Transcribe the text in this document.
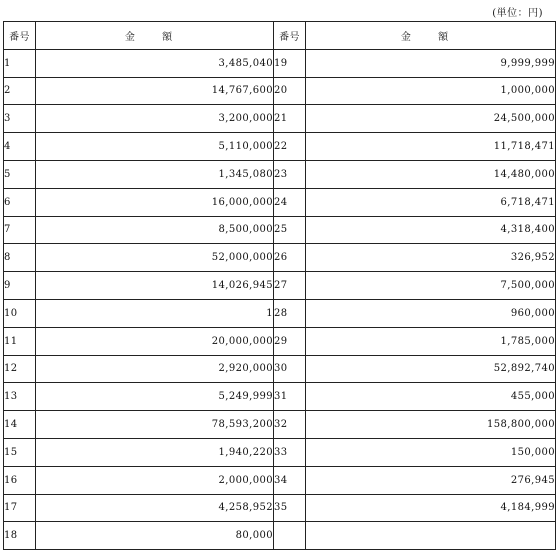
(単位：円)
番号	金 額	番号	金 額
1	3,485,040	19	9,999,999
2	14,767,600	20	1,000,000
3	3,200,000	21	24,500,000
4	5,110,000	22	11,718,471
5	1,345,080	23	14,480,000
6	16,000,000	24	6,718,471
7	8,500,000	25	4,318,400
8	52,000,000	26	326,952
9	14,026,945	27	7,500,000
10	1	28	960,000
11	20,000,000	29	1,785,000
12	2,920,000	30	52,892,740
13	5,249,999	31	455,000
14	78,593,200	32	158,800,000
15	1,940,220	33	150,000
16	2,000,000	34	276,945
17	4,258,952	35	4,184,999
18	80,000		
